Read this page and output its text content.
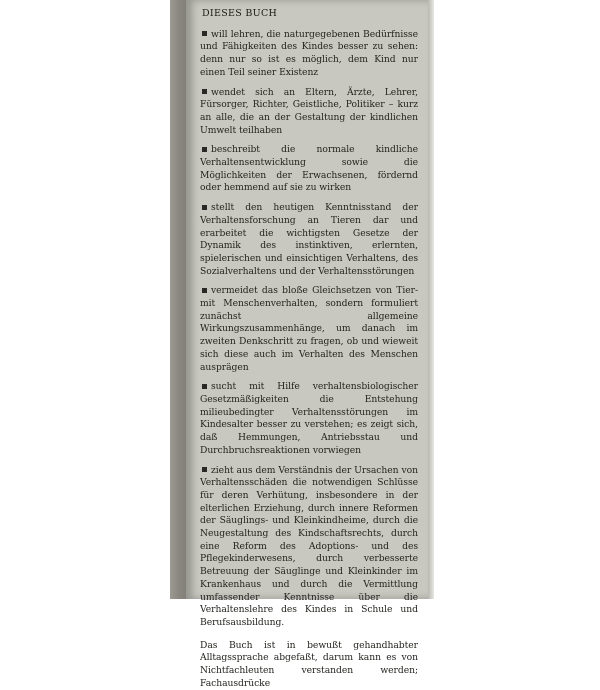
DIESES BUCH
will lehren, die naturgegebenen Bedürfnisse und Fähigkeiten des Kindes besser zu sehen: denn nur so ist es möglich, dem Kind nur einen Teil seiner Existenz
wendet sich an Eltern, Ärzte, Lehrer, Fürsorger, Richter, Geistliche, Politiker – kurz an alle, die an der Gestaltung der kindlichen Umwelt teilhaben
beschreibt die normale kindliche Verhaltensentwicklung sowie die Möglichkeiten der Erwachsenen, fördernd oder hemmend auf sie zu wirken
stellt den heutigen Kenntnisstand der Verhaltensforschung an Tieren dar und erarbeitet die wichtigsten Gesetze der Dynamik des instinktiven, erlernten, spielerischen und einsichtigen Verhaltens, des Sozialverhaltens und der Verhaltensstörungen
vermeidet das bloße Gleichsetzen von Tier- mit Menschenverhalten, sondern formuliert zunächst allgemeine Wirkungszusammenhänge, um danach im zweiten Denkschritt zu fragen, ob und wieweit sich diese auch im Verhalten des Menschen ausprägen
sucht mit Hilfe verhaltensbiologischer Gesetzmäßigkeiten die Entstehung milieubedingter Verhaltensstörungen im Kindesalter besser zu verstehen; es zeigt sich, daß Hemmungen, Antriebsstau und Durchbruchsreaktionen vorwiegen
zieht aus dem Verständnis der Ursachen von Verhaltensschäden die notwendigen Schlüsse für deren Verhütung, insbesondere in der elterlichen Erziehung, durch innere Reformen der Säuglings- und Kleinkindheime, durch die Neugestaltung des Kindschaftsrechts, durch eine Reform des Adoptions- und des Pflegekinderwesens, durch verbesserte Betreuung der Säuglinge und Kleinkinder im Krankenhaus und durch die Vermittlung umfassender Kenntnisse über die Verhaltenslehre des Kindes in Schule und Berufsausbildung.
Das Buch ist in bewußt gehandhabter Alltagssprache abgefaßt, darum kann es von Nichtfachleuten verstanden werden; Fachausdrücke
